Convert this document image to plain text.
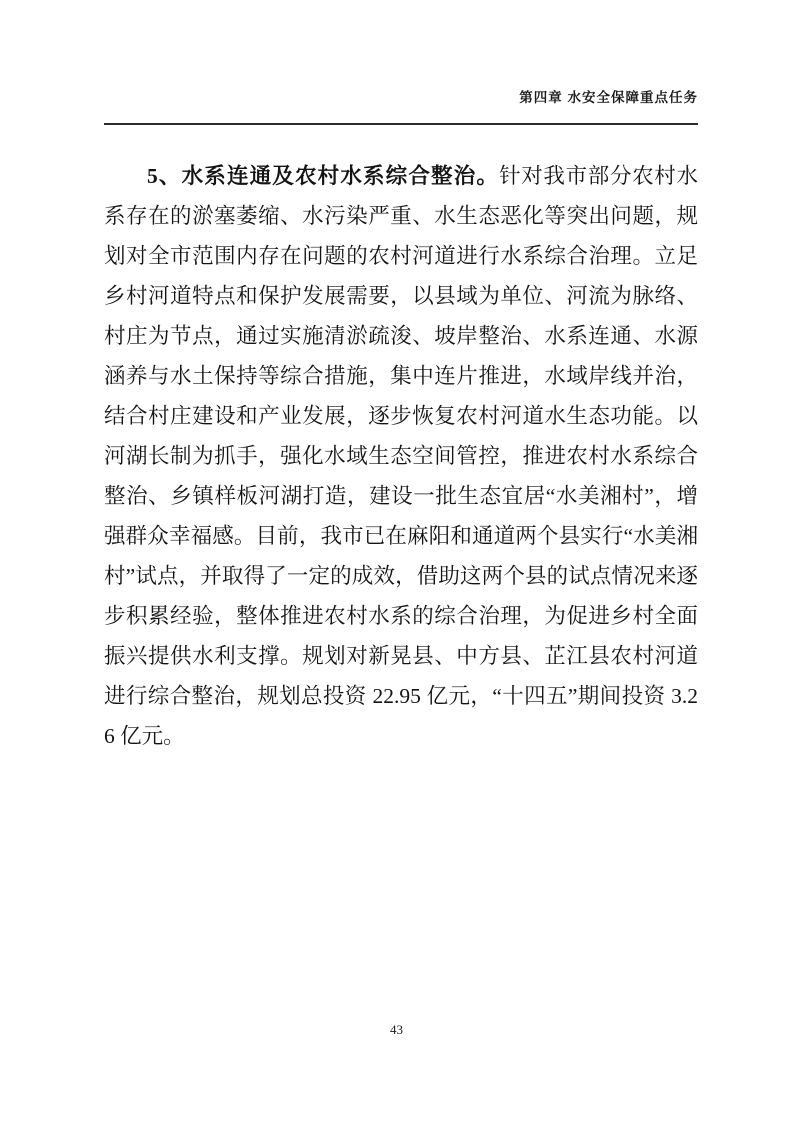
第四章 水安全保障重点任务

5、水系连通及农村水系综合整治。针对我市部分农村水系存在的淤塞萎缩、水污染严重、水生态恶化等突出问题，规划对全市范围内存在问题的农村河道进行水系综合治理。立足乡村河道特点和保护发展需要，以县域为单位、河流为脉络、村庄为节点，通过实施清淤疏浚、坡岸整治、水系连通、水源涵养与水土保持等综合措施，集中连片推进，水域岸线并治，结合村庄建设和产业发展，逐步恢复农村河道水生态功能。以河湖长制为抓手，强化水域生态空间管控，推进农村水系综合整治、乡镇样板河湖打造，建设一批生态宜居“水美湘村”，增强群众幸福感。目前，我市已在麻阳和通道两个县实行“水美湘村”试点，并取得了一定的成效，借助这两个县的试点情况来逐步积累经验，整体推进农村水系的综合治理，为促进乡村全面振兴提供水利支撑。规划对新晃县、中方县、芷江县农村河道进行综合整治，规划总投资 22.95 亿元，“十四五”期间投资 3.26 亿元。

43
